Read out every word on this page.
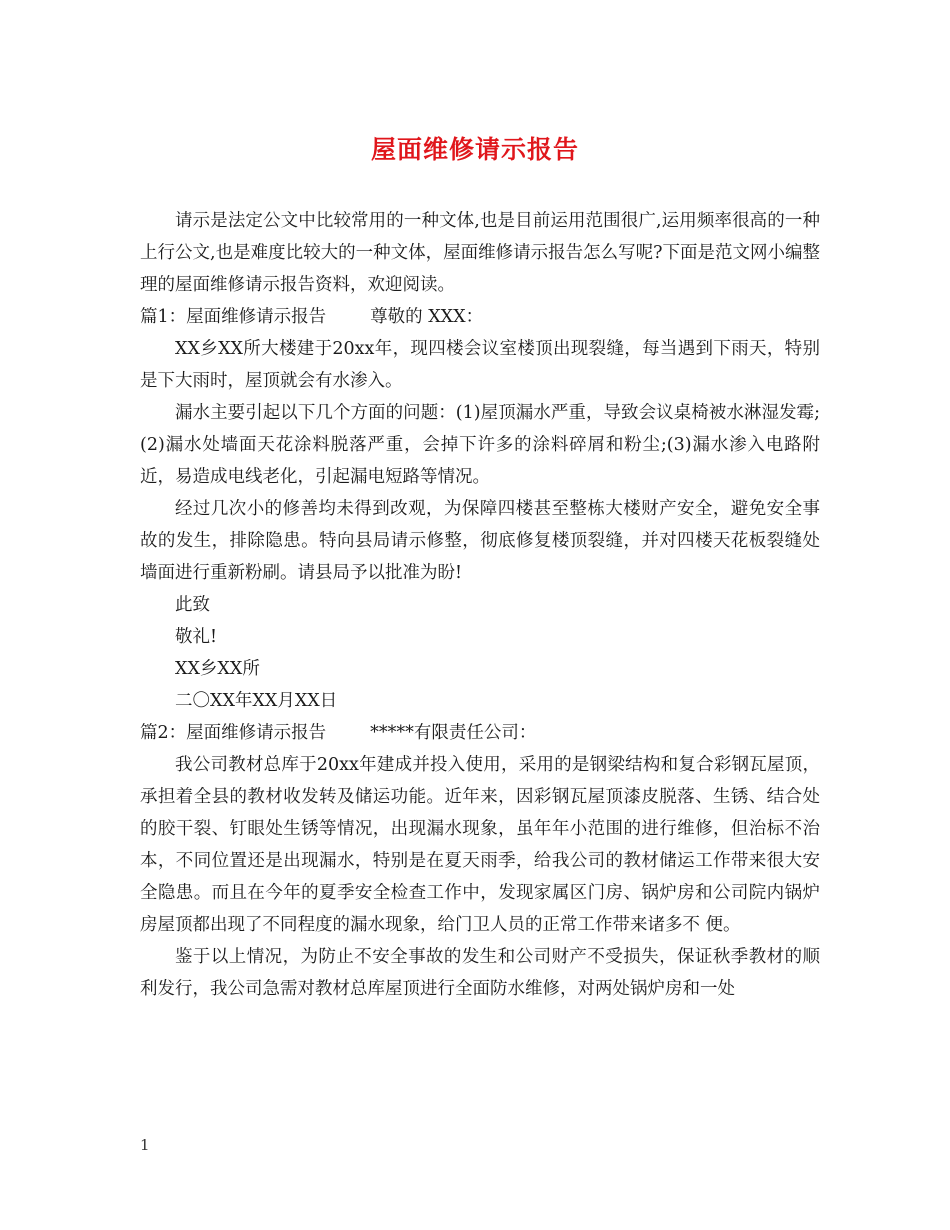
屋面维修请示报告

请示是法定公文中比较常用的一种文体,也是目前运用范围很广,运用频率很高的一种上行公文,也是难度比较大的一种文体，屋面维修请示报告怎么写呢?下面是范文网小编整理的屋面维修请示报告资料，欢迎阅读。

篇1：屋面维修请示报告	尊敬的 XXX：

XX乡XX所大楼建于20xx年，现四楼会议室楼顶出现裂缝，每当遇到下雨天，特别是下大雨时，屋顶就会有水渗入。

漏水主要引起以下几个方面的问题：(1)屋顶漏水严重，导致会议桌椅被水淋湿发霉; (2)漏水处墙面天花涂料脱落严重，会掉下许多的涂料碎屑和粉尘;(3)漏水渗入电路附近，易造成电线老化，引起漏电短路等情况。

经过几次小的修善均未得到改观，为保障四楼甚至整栋大楼财产安全，避免安全事故的发生，排除隐患。特向县局请示修整，彻底修复楼顶裂缝，并对四楼天花板裂缝处墙面进行重新粉刷。请县局予以批准为盼!

此致

敬礼!

XX乡XX所

二〇XX年XX月XX日

篇2：屋面维修请示报告	*****有限责任公司：

我公司教材总库于20xx年建成并投入使用，采用的是钢梁结构和复合彩钢瓦屋顶，承担着全县的教材收发转及储运功能。近年来，因彩钢瓦屋顶漆皮脱落、生锈、结合处的胶干裂、钉眼处生锈等情况，出现漏水现象，虽年年小范围的进行维修，但治标不治本，不同位置还是出现漏水，特别是在夏天雨季，给我公司的教材储运工作带来很大安全隐患。而且在今年的夏季安全检查工作中，发现家属区门房、锅炉房和公司院内锅炉房屋顶都出现了不同程度的漏水现象，给门卫人员的正常工作带来诸多不 便。

鉴于以上情况，为防止不安全事故的发生和公司财产不受损失，保证秋季教材的顺利发行，我公司急需对教材总库屋顶进行全面防水维修，对两处锅炉房和一处

1
